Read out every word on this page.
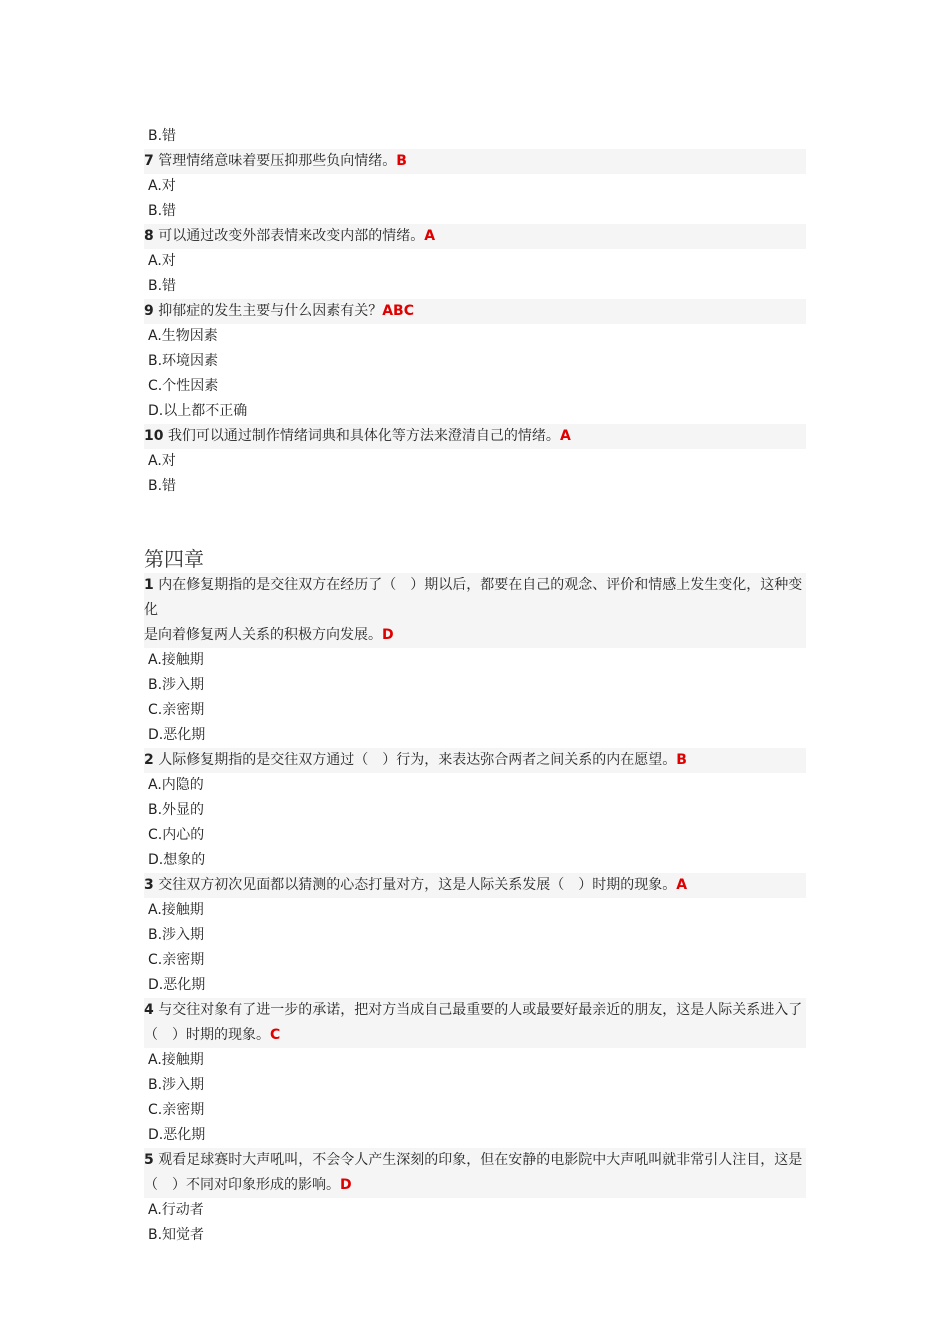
B.错
7 管理情绪意味着要压抑那些负向情绪。B
A.对
B.错
8 可以通过改变外部表情来改变内部的情绪。A
A.对
B.错
9 抑郁症的发生主要与什么因素有关？ABC
A.生物因素
B.环境因素
C.个性因素
D.以上都不正确
10 我们可以通过制作情绪词典和具体化等方法来澄清自己的情绪。A
A.对
B.错
第四章
1 内在修复期指的是交往双方在经历了（　）期以后，都要在自己的观念、评价和情感上发生变化，这种变化
是向着修复两人关系的积极方向发展。D
A.接触期
B.涉入期
C.亲密期
D.恶化期
2 人际修复期指的是交往双方通过（　）行为，来表达弥合两者之间关系的内在愿望。B
A.内隐的
B.外显的
C.内心的
D.想象的
3 交往双方初次见面都以猜测的心态打量对方，这是人际关系发展（　）时期的现象。A
A.接触期
B.涉入期
C.亲密期
D.恶化期
4 与交往对象有了进一步的承诺，把对方当成自己最重要的人或最要好最亲近的朋友，这是人际关系进入了
（　）时期的现象。C
A.接触期
B.涉入期
C.亲密期
D.恶化期
5 观看足球赛时大声吼叫，不会令人产生深刻的印象，但在安静的电影院中大声吼叫就非常引人注目，这是
（　）不同对印象形成的影响。D
A.行动者
B.知觉者
